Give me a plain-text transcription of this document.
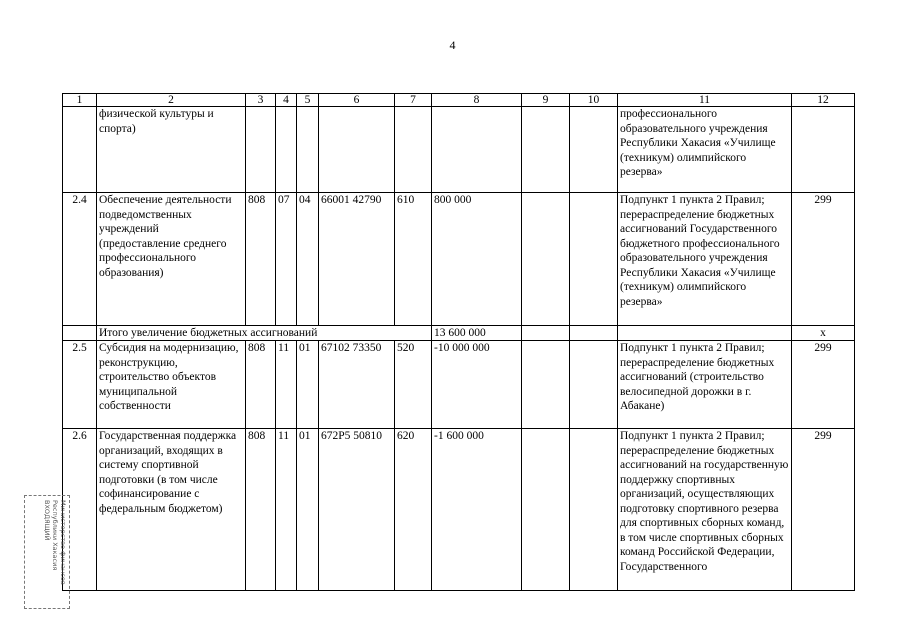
4
1	2	3	4	5	6	7	8	9	10	11	12
	физической культуры и спорта)									профессионального образовательного учреждения Республики Хакасия «Училище (техникум) олимпийского резерва»	
2.4	Обеспечение деятельности подведомственных учреждений (предоставление среднего профессионального образования)	808	07	04	66001 42790	610	800 000			Подпункт 1 пункта 2 Правил; перераспределение бюджетных ассигнований Государственного бюджетного профессионального образовательного учреждения Республики Хакасия «Училище (техникум) олимпийского резерва»	299
	Итого увеличение бюджетных ассигнований						13 600 000				x
2.5	Субсидия на модернизацию, реконструкцию, строительство объектов муниципальной собственности	808	11	01	67102 73350	520	-10 000 000			Подпункт 1 пункта 2 Правил; перераспределение бюджетных ассигнований (строительство велосипедной дорожки в г. Абакане)	299
2.6	Государственная поддержка организаций, входящих в систему спортивной подготовки (в том числе софинансирование с федеральным бюджетом)	808	11	01	672P5 50810	620	-1 600 000			Подпункт 1 пункта 2 Правил; перераспределение бюджетных ассигнований на государственную поддержку спортивных организаций, осуществляющих подготовку спортивного резерва для спортивных сборных команд, в том числе спортивных сборных команд Российской Федерации, Государственного	299
Министерство финансов Республики Хакасия ВХОДЯЩИЙ
